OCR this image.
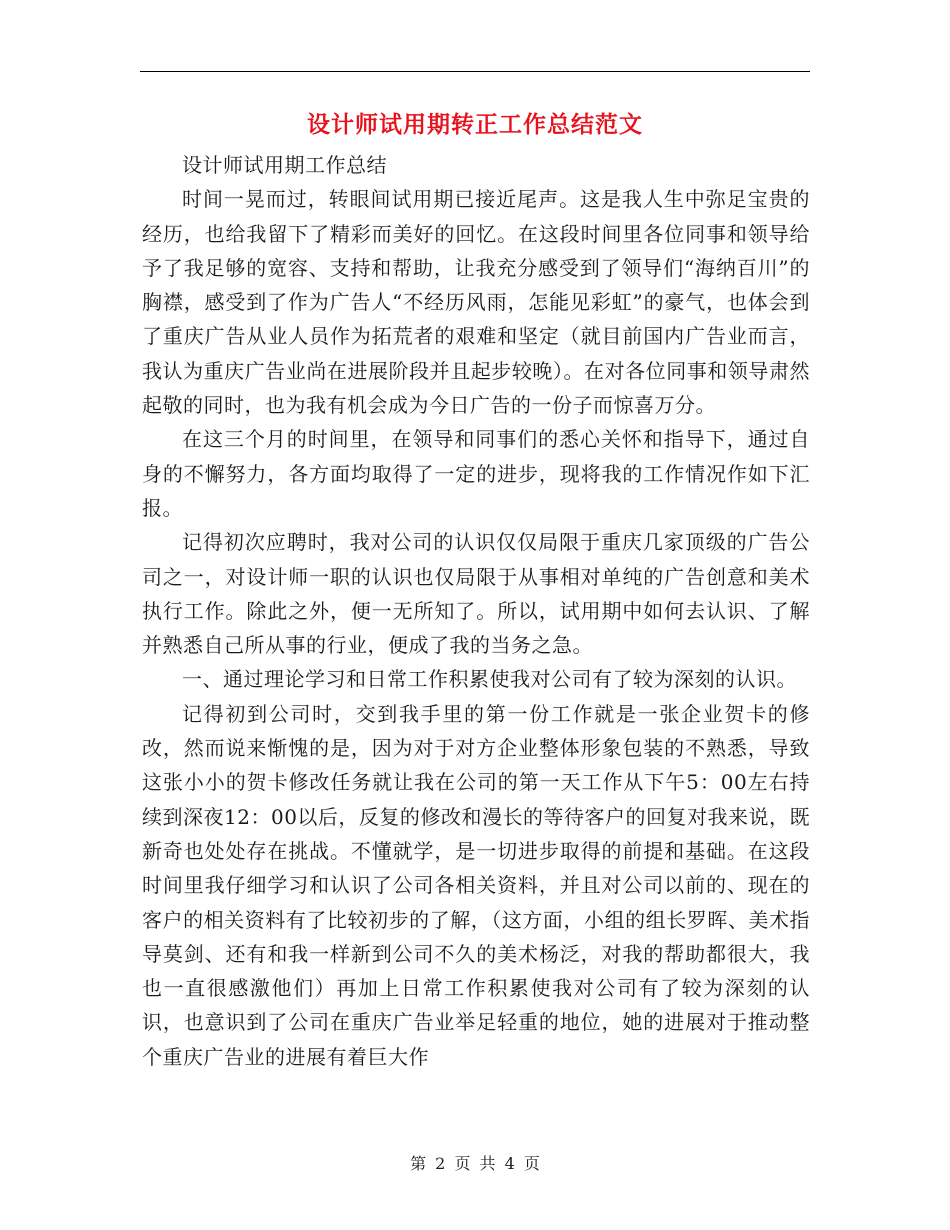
设计师试用期转正工作总结范文

设计师试用期工作总结

时间一晃而过，转眼间试用期已接近尾声。这是我人生中弥足宝贵的经历，也给我留下了精彩而美好的回忆。在这段时间里各位同事和领导给予了我足够的宽容、支持和帮助，让我充分感受到了领导们“海纳百川”的胸襟，感受到了作为广告人“不经历风雨，怎能见彩虹”的豪气，也体会到了重庆广告从业人员作为拓荒者的艰难和坚定（就目前国内广告业而言，我认为重庆广告业尚在进展阶段并且起步较晚）。在对各位同事和领导肃然起敬的同时，也为我有机会成为今日广告的一份子而惊喜万分。

在这三个月的时间里，在领导和同事们的悉心关怀和指导下，通过自身的不懈努力，各方面均取得了一定的进步，现将我的工作情况作如下汇报。

记得初次应聘时，我对公司的认识仅仅局限于重庆几家顶级的广告公司之一，对设计师一职的认识也仅局限于从事相对单纯的广告创意和美术执行工作。除此之外，便一无所知了。所以，试用期中如何去认识、了解并熟悉自己所从事的行业，便成了我的当务之急。

一、通过理论学习和日常工作积累使我对公司有了较为深刻的认识。

记得初到公司时，交到我手里的第一份工作就是一张企业贺卡的修改，然而说来惭愧的是，因为对于对方企业整体形象包装的不熟悉，导致这张小小的贺卡修改任务就让我在公司的第一天工作从下午5：00左右持续到深夜12：00以后，反复的修改和漫长的等待客户的回复对我来说，既新奇也处处存在挑战。不懂就学，是一切进步取得的前提和基础。在这段时间里我仔细学习和认识了公司各相关资料，并且对公司以前的、现在的客户的相关资料有了比较初步的了解，（这方面，小组的组长罗晖、美术指导莫剑、还有和我一样新到公司不久的美术杨泛，对我的帮助都很大，我也一直很感激他们）再加上日常工作积累使我对公司有了较为深刻的认识，也意识到了公司在重庆广告业举足轻重的地位，她的进展对于推动整个重庆广告业的进展有着巨大作

第 2 页 共 4 页
